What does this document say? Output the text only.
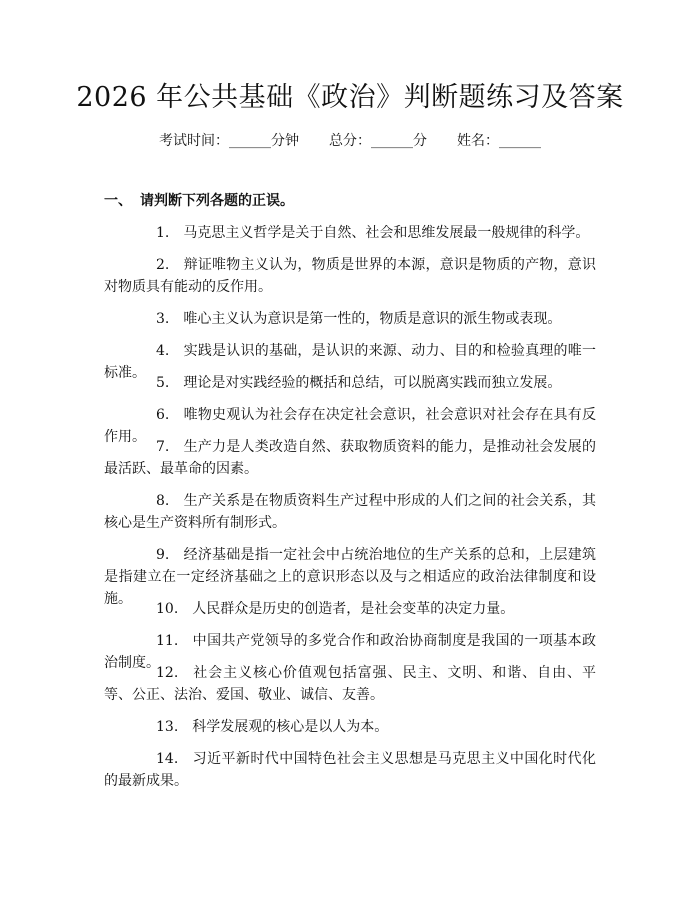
2026 年公共基础《政治》判断题练习及答案
考试时间：______分钟 总分：______分 姓名：______
一、 请判断下列各题的正误。
1. 马克思主义哲学是关于自然、社会和思维发展最一般规律的科学。
2. 辩证唯物主义认为，物质是世界的本源，意识是物质的产物，意识对物质具有能动的反作用。
3. 唯心主义认为意识是第一性的，物质是意识的派生物或表现。
4. 实践是认识的基础，是认识的来源、动力、目的和检验真理的唯一标准。
5. 理论是对实践经验的概括和总结，可以脱离实践而独立发展。
6. 唯物史观认为社会存在决定社会意识，社会意识对社会存在具有反作用。
7. 生产力是人类改造自然、获取物质资料的能力，是推动社会发展的最活跃、最革命的因素。
8. 生产关系是在物质资料生产过程中形成的人们之间的社会关系，其核心是生产资料所有制形式。
9. 经济基础是指一定社会中占统治地位的生产关系的总和，上层建筑是指建立在一定经济基础之上的意识形态以及与之相适应的政治法律制度和设施。
10. 人民群众是历史的创造者，是社会变革的决定力量。
11. 中国共产党领导的多党合作和政治协商制度是我国的一项基本政治制度。
12. 社会主义核心价值观包括富强、民主、文明、和谐、自由、平等、公正、法治、爱国、敬业、诚信、友善。
13. 科学发展观的核心是以人为本。
14. 习近平新时代中国特色社会主义思想是马克思主义中国化时代化的最新成果。
